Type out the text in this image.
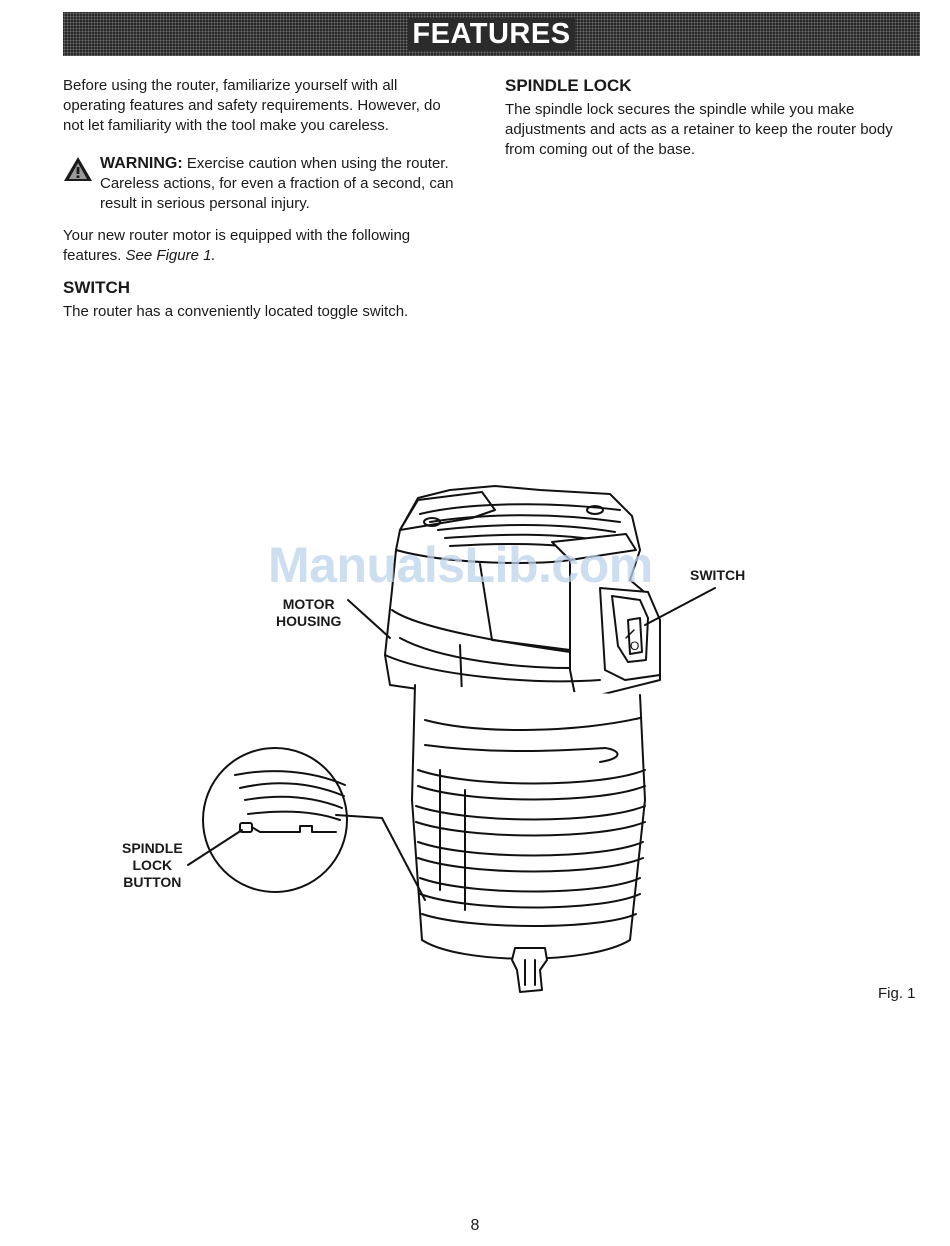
FEATURES

Before using the router, familiarize yourself with all operating features and safety requirements. However, do not let familiarity with the tool make you careless.

WARNING: Exercise caution when using the router. Careless actions, for even a fraction of a second, can result in serious personal injury.

Your new router motor is equipped with the following features. See Figure 1.

SWITCH

The router has a conveniently located toggle switch.

SPINDLE LOCK

The spindle lock secures the spindle while you make adjustments and acts as a retainer to keep the router body from coming out of the base.

O
ManualsLib.com
MOTOR
HOUSING
SWITCH
SPINDLE
LOCK
BUTTON
Fig. 1
8
